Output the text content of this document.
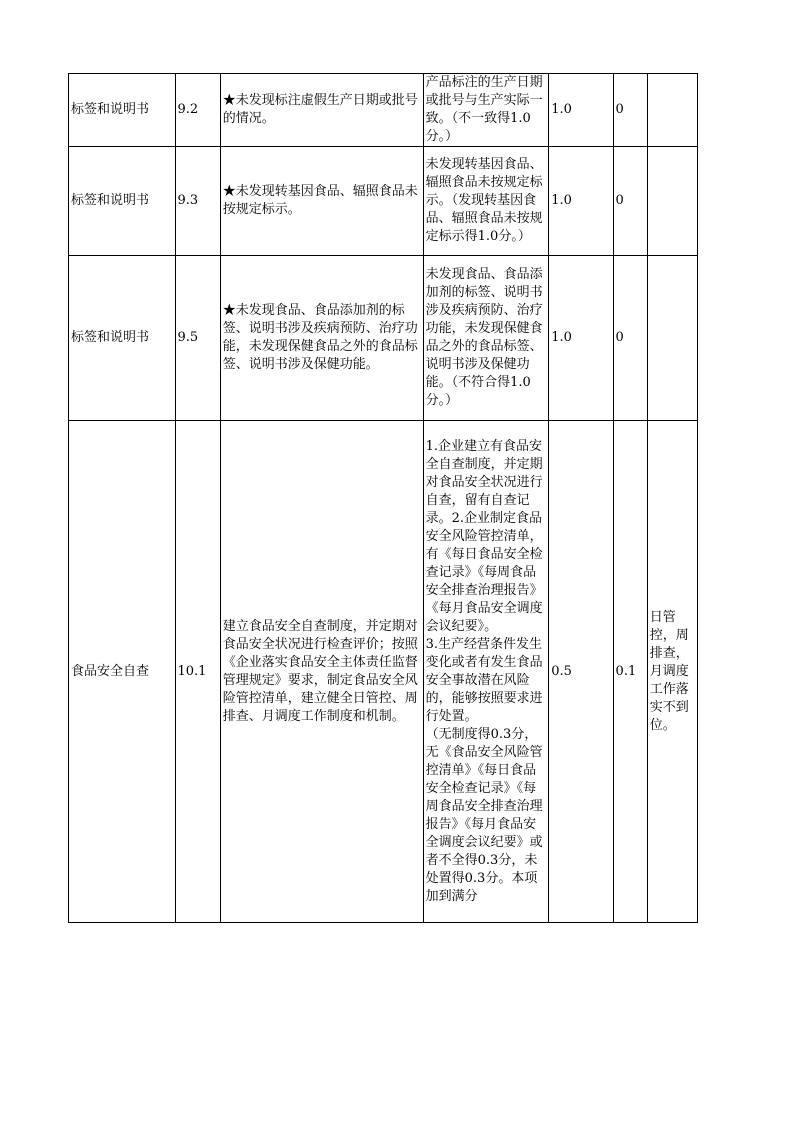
标签和说明书	9.2	★未发现标注虚假生产日期或批号的情况。	产品标注的生产日期或批号与生产实际一致。（不一致得1.0分。）	1.0	0	
标签和说明书	9.3	★未发现转基因食品、辐照食品未按规定标示。	未发现转基因食品、辐照食品未按规定标示。（发现转基因食品、辐照食品未按规定标示得1.0分。）	1.0	0	
标签和说明书	9.5	★未发现食品、食品添加剂的标签、说明书涉及疾病预防、治疗功能，未发现保健食品之外的食品标签、说明书涉及保健功能。	未发现食品、食品添加剂的标签、说明书涉及疾病预防、治疗功能，未发现保健食品之外的食品标签、说明书涉及保健功能。（不符合得1.0分。）	1.0	0	
食品安全自查	10.1	建立食品安全自查制度，并定期对食品安全状况进行检查评价；按照《企业落实食品安全主体责任监督管理规定》要求，制定食品安全风险管控清单，建立健全日管控、周排查、月调度工作制度和机制。	1.企业建立有食品安全自查制度，并定期对食品安全状况进行自查，留有自查记录。2.企业制定食品安全风险管控清单，有《每日食品安全检查记录》《每周食品安全排查治理报告》《每月食品安全调度会议纪要》。
3.生产经营条件发生变化或者有发生食品安全事故潜在风险的，能够按照要求进行处置。
（无制度得0.3分，无《食品安全风险管控清单》《每日食品安全检查记录》《每周食品安全排查治理报告》《每月食品安全调度会议纪要》或者不全得0.3分，未处置得0.3分。本项加到满分	0.5	0.1	日管控，周排查，月调度工作落实不到位。
